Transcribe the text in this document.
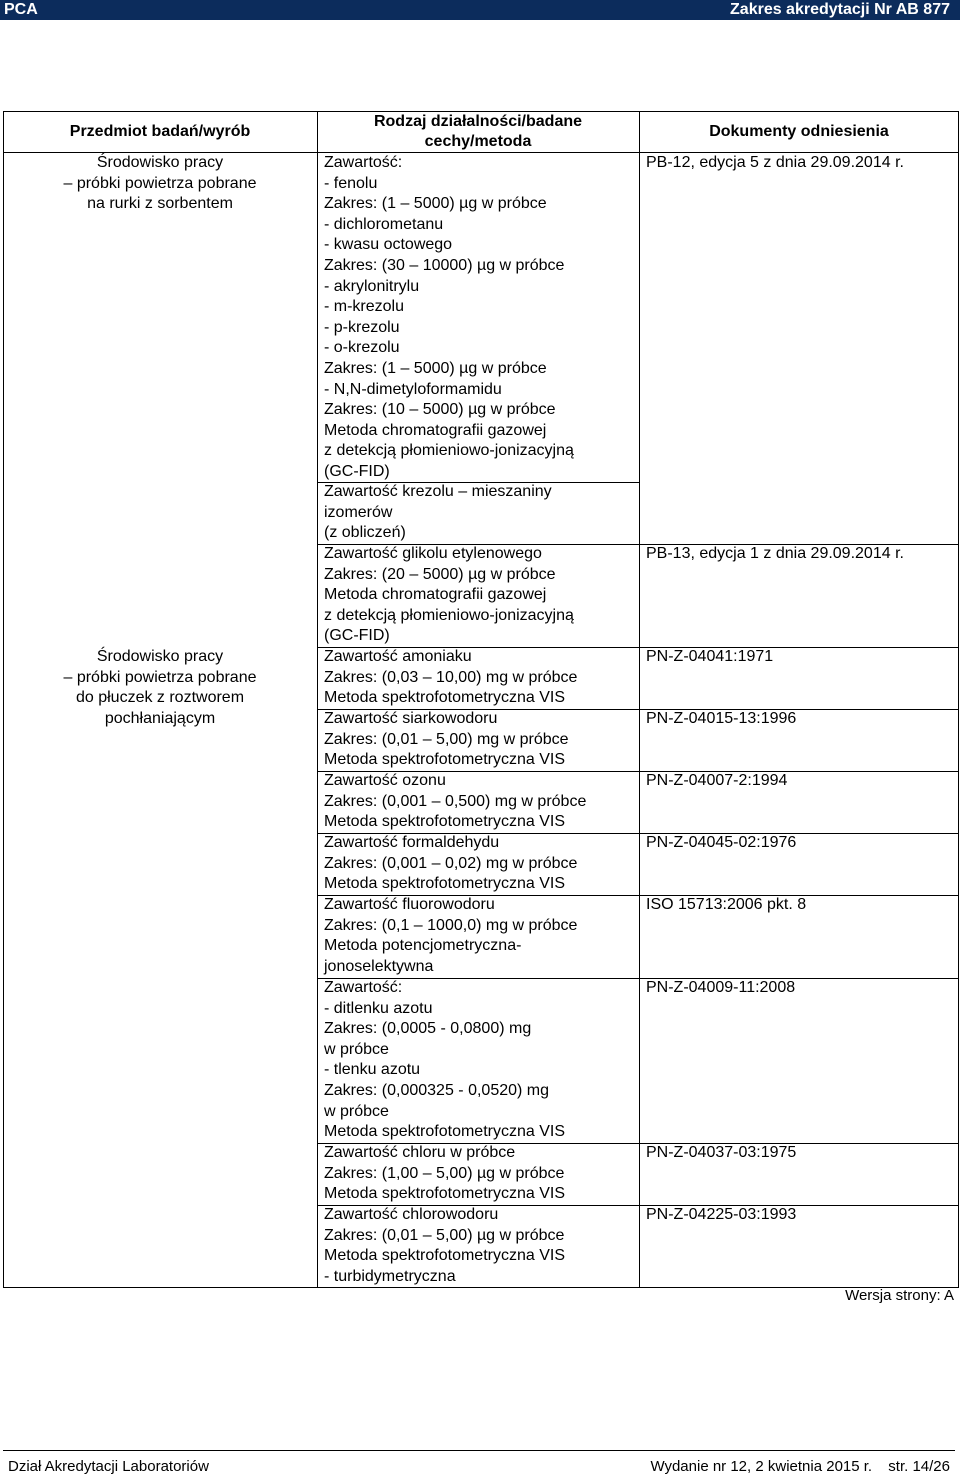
PCA	Zakres akredytacji Nr AB 877
Przedmiot badań/wyrób
Rodzaj działalności/badane
cechy/metoda
Dokumenty odniesienia
Środowisko pracy
– próbki powietrza pobrane
na rurki z sorbentem
Środowisko pracy
– próbki powietrza pobrane
do płuczek z roztworem
pochłaniającym
Zawartość:
- fenolu
Zakres: (1 – 5000) µg w próbce
- dichlorometanu
- kwasu octowego
Zakres: (30 – 10000) µg w próbce
- akrylonitrylu
- m-krezolu
- p-krezolu
- o-krezolu
Zakres: (1 – 5000) µg w próbce
- N,N-dimetyloformamidu
Zakres: (10 – 5000) µg w próbce
Metoda chromatografii gazowej
z detekcją płomieniowo-jonizacyjną
(GC-FID)
Zawartość krezolu – mieszaniny
izomerów
(z obliczeń)
Zawartość glikolu etylenowego
Zakres: (20 – 5000) µg w próbce
Metoda chromatografii gazowej
z detekcją płomieniowo-jonizacyjną
(GC-FID)
Zawartość amoniaku
Zakres: (0,03 – 10,00) mg w próbce
Metoda spektrofotometryczna VIS
Zawartość siarkowodoru
Zakres: (0,01 – 5,00) mg w próbce
Metoda spektrofotometryczna VIS
Zawartość ozonu
Zakres: (0,001 – 0,500) mg w próbce
Metoda spektrofotometryczna VIS
Zawartość formaldehydu
Zakres: (0,001 – 0,02) mg w próbce
Metoda spektrofotometryczna VIS
Zawartość fluorowodoru
Zakres: (0,1 – 1000,0) mg w próbce
Metoda potencjometryczna-
jonoselektywna
Zawartość:
- ditlenku azotu
Zakres: (0,0005 - 0,0800) mg
w próbce
- tlenku azotu
Zakres: (0,000325 - 0,0520) mg
w próbce
Metoda spektrofotometryczna VIS
Zawartość chloru w próbce
Zakres: (1,00 – 5,00) µg w próbce
Metoda spektrofotometryczna VIS
Zawartość chlorowodoru
Zakres: (0,01 – 5,00) µg w próbce
Metoda spektrofotometryczna VIS
- turbidymetryczna
PB-12, edycja 5 z dnia 29.09.2014 r.
PB-13, edycja 1 z dnia 29.09.2014 r.
PN-Z-04041:1971
PN-Z-04015-13:1996
PN-Z-04007-2:1994
PN-Z-04045-02:1976
ISO 15713:2006 pkt. 8
PN-Z-04009-11:2008
PN-Z-04037-03:1975
PN-Z-04225-03:1993
Wersja strony: A
Dział Akredytacji Laboratoriów	Wydanie nr 12, 2 kwietnia 2015 r. str. 14/26
